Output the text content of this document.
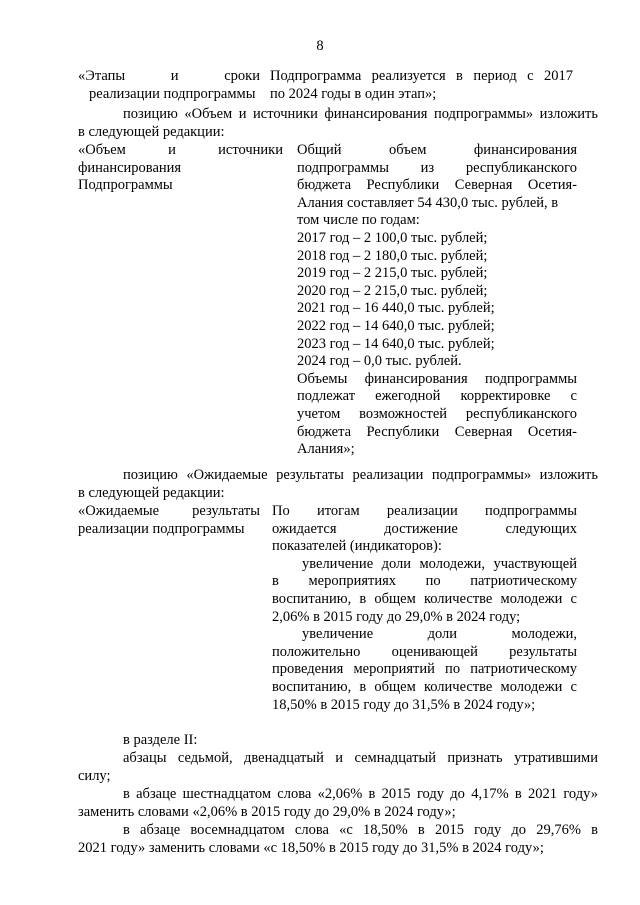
8
«Этапы и сроки
реализации подпрограммы
Подпрограмма реализуется в период с 2017
по 2024 годы в один этап»;
позицию «Объем и источники финансирования подпрограммы» изложить
в следующей редакции:
«Объем и источники
финансирования
Подпрограммы
Общий объем финансирования
подпрограммы из республиканского
бюджета Республики Северная Осетия-
Алания составляет 54 430,0 тыс. рублей, в
том числе по годам:
2017 год – 2 100,0 тыс. рублей;
2018 год – 2 180,0 тыс. рублей;
2019 год – 2 215,0 тыс. рублей;
2020 год – 2 215,0 тыс. рублей;
2021 год – 16 440,0 тыс. рублей;
2022 год – 14 640,0 тыс. рублей;
2023 год – 14 640,0 тыс. рублей;
2024 год – 0,0 тыс. рублей.
Объемы финансирования подпрограммы
подлежат ежегодной корректировке с
учетом возможностей республиканского
бюджета Республики Северная Осетия-
Алания»;
позицию «Ожидаемые результаты реализации подпрограммы» изложить
в следующей редакции:
«Ожидаемые результаты
реализации подпрограммы
По итогам реализации подпрограммы
ожидается достижение следующих
показателей (индикаторов):
увеличение доли молодежи, участвующей
в мероприятиях по патриотическому
воспитанию, в общем количестве молодежи с
2,06% в 2015 году до 29,0% в 2024 году;
увеличение доли молодежи,
положительно оценивающей результаты
проведения мероприятий по патриотическому
воспитанию, в общем количестве молодежи с
18,50% в 2015 году до 31,5% в 2024 году»;
в разделе II:
абзацы седьмой, двенадцатый и семнадцатый признать утратившими
силу;
в абзаце шестнадцатом слова «2,06% в 2015 году до 4,17% в 2021 году»
заменить словами «2,06% в 2015 году до 29,0% в 2024 году»;
в абзаце восемнадцатом слова «с 18,50% в 2015 году до 29,76% в
2021 году» заменить словами «с 18,50% в 2015 году до 31,5% в 2024 году»;
